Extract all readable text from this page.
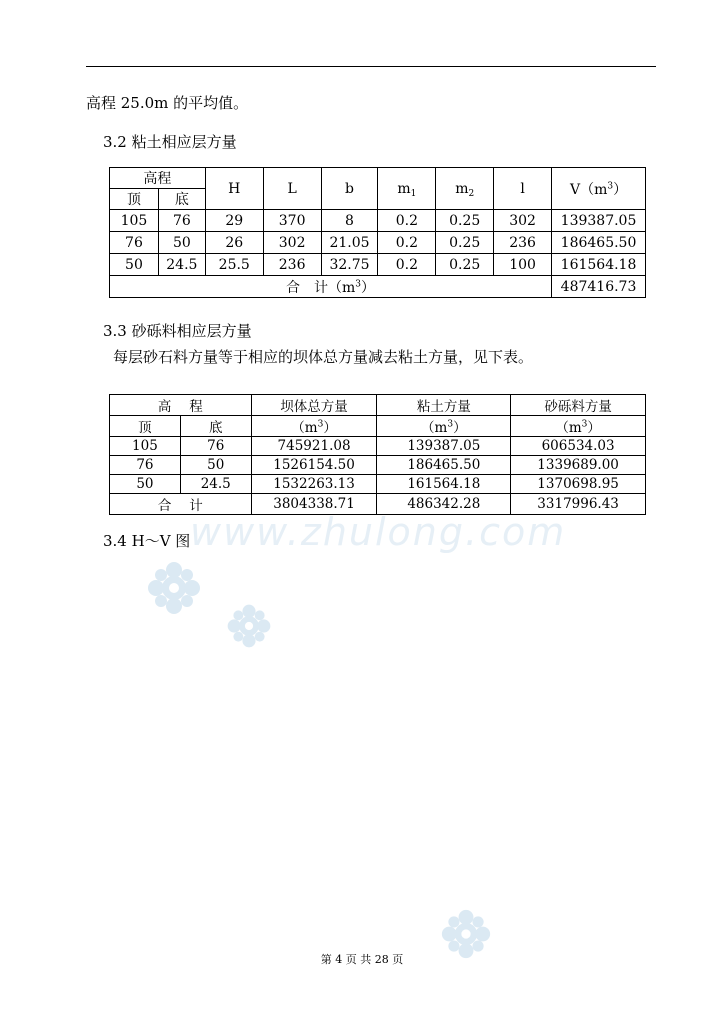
www.zhulong.com
高程 25.0m 的平均值。
3.2 粘土相应层方量
高程		H	L	b	$m_1$	$m_2$	l	$V(m^3)$
顶	底							
105	76	29	370	8	0.2	0.25	302	139387.05
76	50	26	302	21.05	0.2	0.25	236	186465.50
50	24.5	25.5	236	32.75	0.2	0.25	100	161564.18
合　计$(m^3)$								487416.73
3.3 砂砾料相应层方量
每层砂石料方量等于相应的坝体总方量减去粘土方量，见下表。
高　 程		坝体总方量	粘土方量	砂砾料方量
顶	底	$(m^3)$	$(m^3)$	$(m^3)$
105	76	745921.08	139387.05	606534.03
76	50	1526154.50	186465.50	1339689.00
50	24.5	1532263.13	161564.18	1370698.95
合　 计		3804338.71	486342.28	3317996.43
3.4 H～V 图
第 4 页 共 28 页
